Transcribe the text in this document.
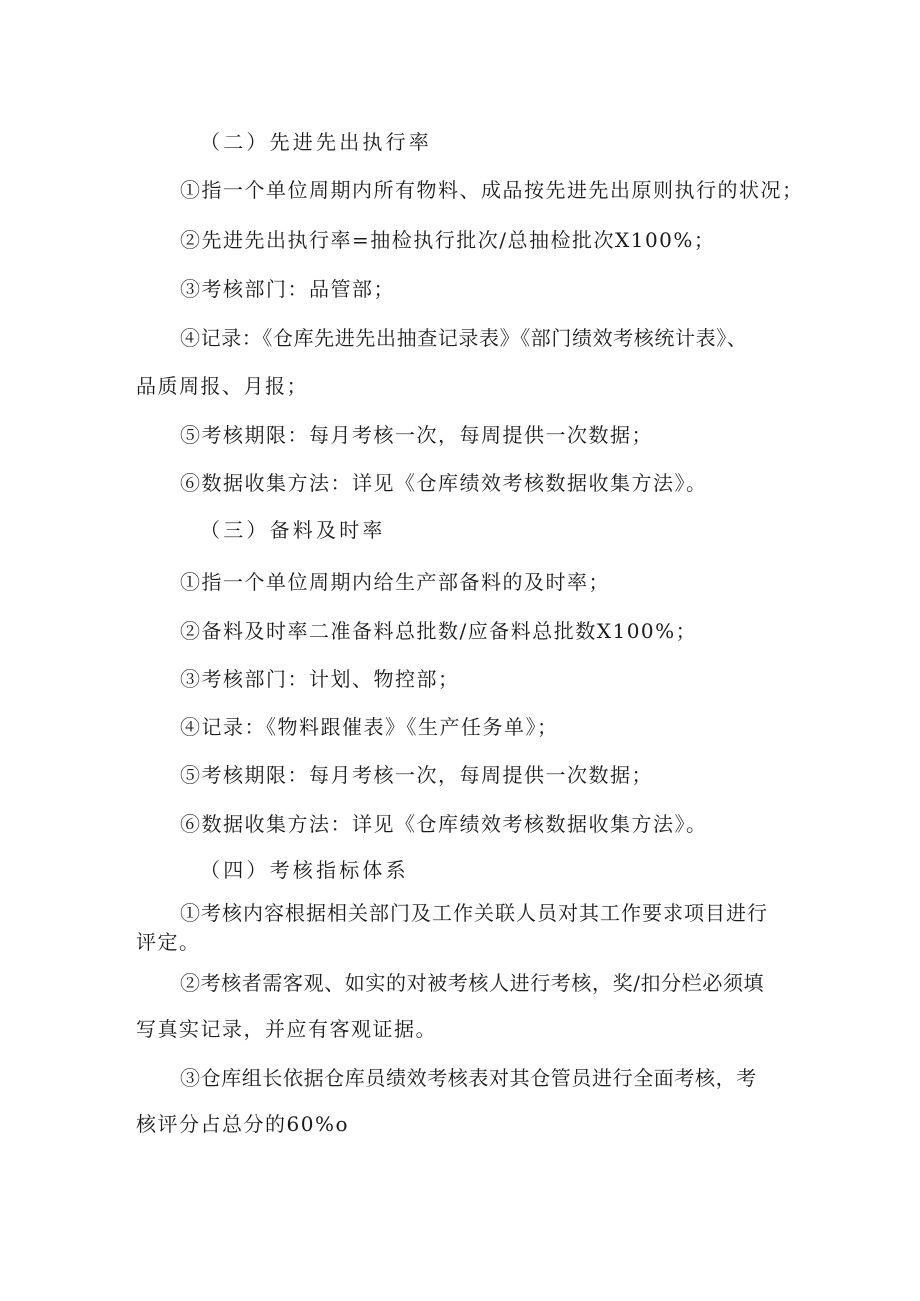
（二）先进先出执行率

①指一个单位周期内所有物料、成品按先进先出原则执行的状况；

②先进先出执行率=抽检执行批次/总抽检批次X100%；

③考核部门：品管部；

④记录：《仓库先进先出抽查记录表》《部门绩效考核统计表》、

品质周报、月报；

⑤考核期限：每月考核一次，每周提供一次数据；

⑥数据收集方法：详见《仓库绩效考核数据收集方法》。

（三）备料及时率

①指一个单位周期内给生产部备料的及时率；

②备料及时率二准备料总批数/应备料总批数X100%；

③考核部门：计划、物控部；

④记录：《物料跟催表》《生产任务单》；

⑤考核期限：每月考核一次，每周提供一次数据；

⑥数据收集方法：详见《仓库绩效考核数据收集方法》。

（四）考核指标体系

①考核内容根据相关部门及工作关联人员对其工作要求项目进行

评定。

②考核者需客观、如实的对被考核人进行考核，奖/扣分栏必须填

写真实记录，并应有客观证据。

③仓库组长依据仓库员绩效考核表对其仓管员进行全面考核，考

核评分占总分的60%o
